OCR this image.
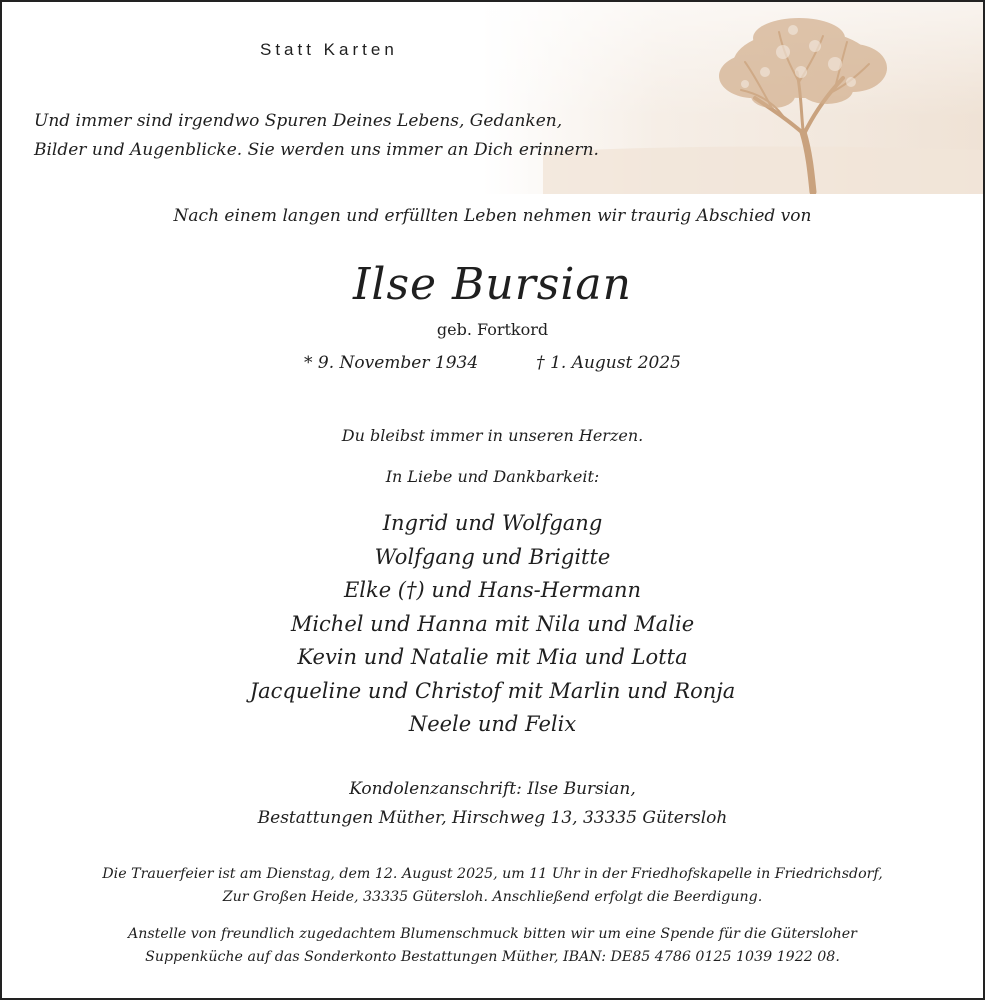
Statt Karten
Und immer sind irgendwo Spuren Deines Lebens, Gedanken,
Bilder und Augenblicke. Sie werden uns immer an Dich erinnern.
Nach einem langen und erfüllten Leben nehmen wir traurig Abschied von
Ilse Bursian
geb. Fortkord
* 9. November 1934	† 1. August 2025
Du bleibst immer in unseren Herzen.
In Liebe und Dankbarkeit:
Ingrid und Wolfgang
Wolfgang und Brigitte
Elke (†) und Hans-Hermann
Michel und Hanna mit Nila und Malie
Kevin und Natalie mit Mia und Lotta
Jacqueline und Christof mit Marlin und Ronja
Neele und Felix
Kondolenzanschrift: Ilse Bursian,
Bestattungen Müther, Hirschweg 13, 33335 Gütersloh
Die Trauerfeier ist am Dienstag, dem 12. August 2025, um 11 Uhr in der Friedhofskapelle in Friedrichsdorf,
Zur Großen Heide, 33335 Gütersloh. Anschließend erfolgt die Beerdigung.
Anstelle von freundlich zugedachtem Blumenschmuck bitten wir um eine Spende für die Gütersloher
Suppenküche auf das Sonderkonto Bestattungen Müther, IBAN: DE85 4786 0125 1039 1922 08.
